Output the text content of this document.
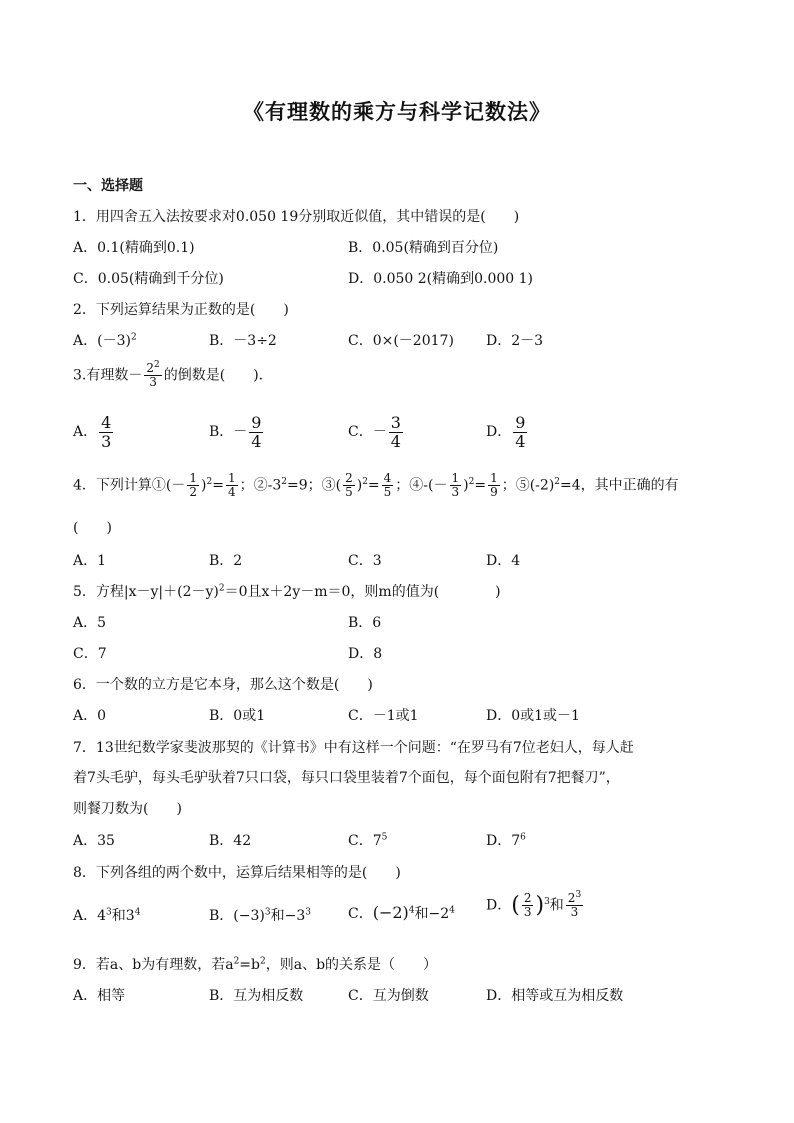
《有理数的乘方与科学记数法》
一、选择题
1．用四舍五入法按要求对0.050 19分别取近似值，其中错误的是(　　)
A．0.1(精确到0.1)	B．0.05(精确到百分位)
C．0.05(精确到千分位)	D．0.050 2(精确到0.000 1)
2．下列运算结果为正数的是(　　)
A．$(-3)^2$	B．－3÷2	C．0×(－2017) D．2－3
3.有理数－ $\frac{2^2}{3}$ 的倒数是(　　)．
A． $\frac{4}{3}$	B．－ $\frac{9}{4}$	C．－ $\frac{3}{4}$	D． $\frac{9}{4}$
4．下列计算①(－ $\frac{1}{2} )^2= \frac{1}{4}$ ；$②-3^2=9$；③( $\frac{2}{5} )^2= \frac{4}{5}$ ；④-(－ $\frac{1}{3} )^2= \frac{1}{9}$ ；$⑤(-2)^2=4$，其中正确的有
(　　)
A．1	B．2	C．3	D．4
5．方程$|x-y|+(2-y)^2=0$且x＋2y－m＝0，则m的值为(　　　　)
A．5	B．6
C．7	D．8
6．一个数的立方是它本身，那么这个数是(　　)
A．0	B．0或1	C．－1或1	D．0或1或－1
7．13世纪数学家斐波那契的《计算书》中有这样一个问题：“在罗马有7位老妇人，每人赶
着7头毛驴，每头毛驴驮着7只口袋，每只口袋里装着7个面包，每个面包附有7把餐刀”，
则餐刀数为(　　)
A．35	B．42	C．$7^5$	D．$7^6$
8．下列各组的两个数中，运算后结果相等的是(　　)
A．$4^3$和$3^4$	B．$(-3)^3$和$-3^3$	C．$(-2)^4$和$-2^4$ D．( $\frac{2}{3} )^3$和 $\frac{2^3}{3}$
9．若a、b为有理数，若$a^2=b^2$，则a、b的关系是（　　）
A．相等	B．互为相反数	C．互为倒数	D．相等或互为相反数
